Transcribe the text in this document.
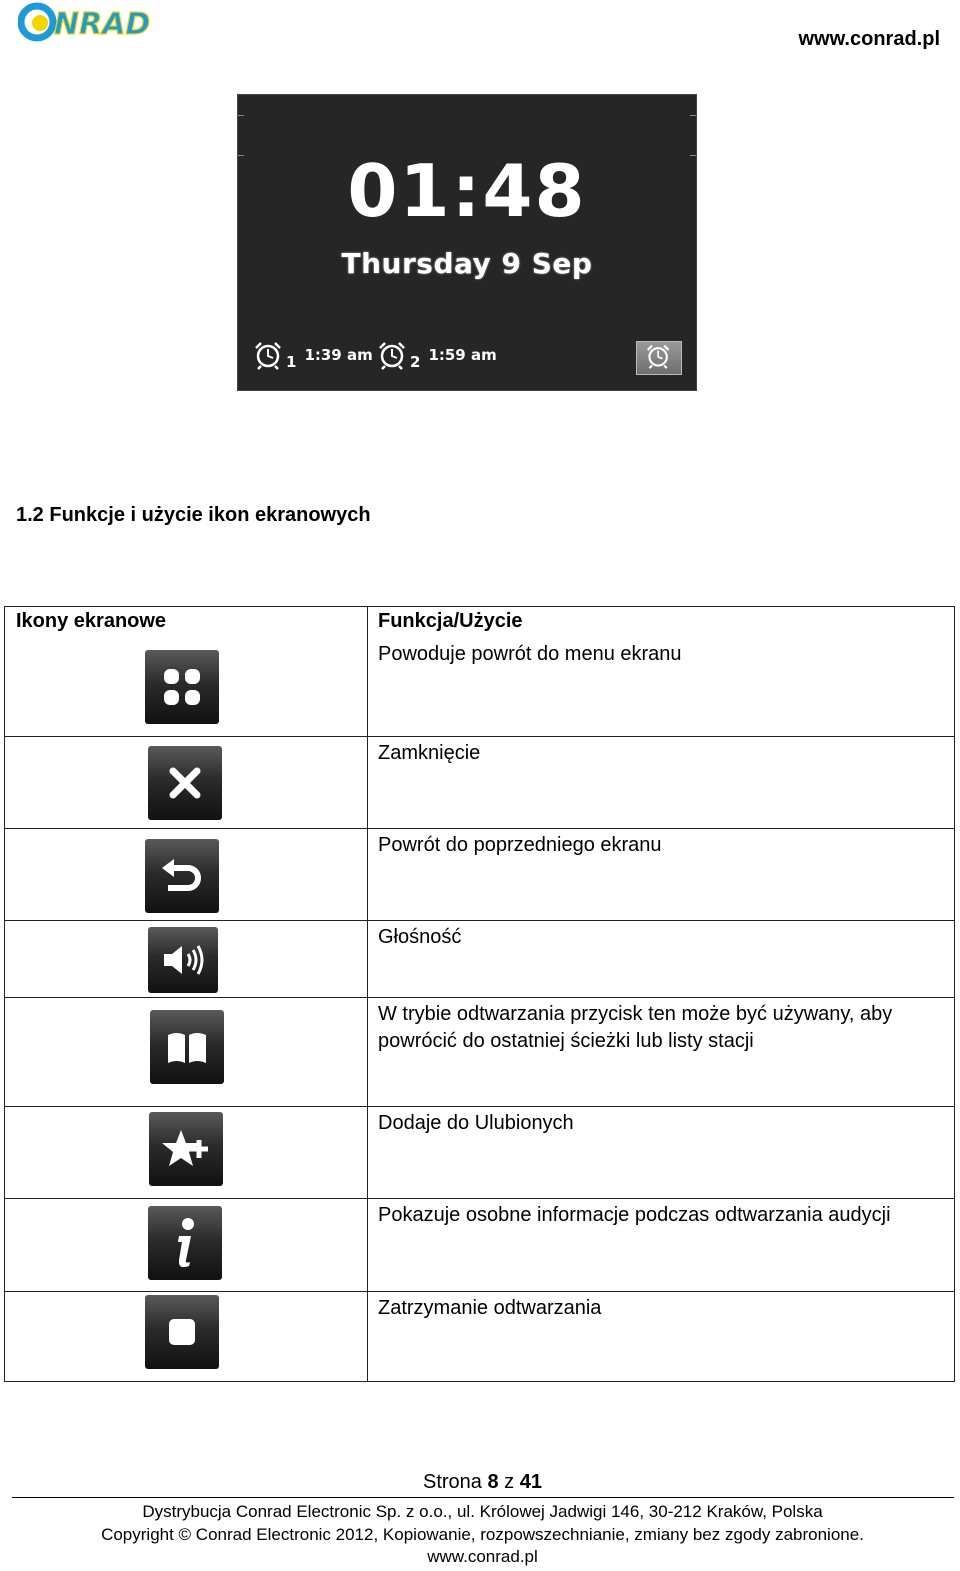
NRAD	www.conrad.pl
01:48
Thursday 9 Sep
1 1:39 am 2 1:59 am
1.2 Funkcje i użycie ikon ekranowych
Ikony ekranowe	Funkcja/Użycie

	Powoduje powrót do menu ekranu

	Zamknięcie

	Powrót do poprzedniego ekranu

	Głośność

	W trybie odtwarzania przycisk ten może być używany, aby powrócić do ostatniej ścieżki lub listy stacji

	Dodaje do Ulubionych

	Pokazuje osobne informacje podczas odtwarzania audycji

	Zatrzymanie odtwarzania
Strona 8 z 41
Dystrybucja Conrad Electronic Sp. z o.o., ul. Królowej Jadwigi 146, 30-212 Kraków, Polska
Copyright © Conrad Electronic 2012, Kopiowanie, rozpowszechnianie, zmiany bez zgody zabronione.
www.conrad.pl
